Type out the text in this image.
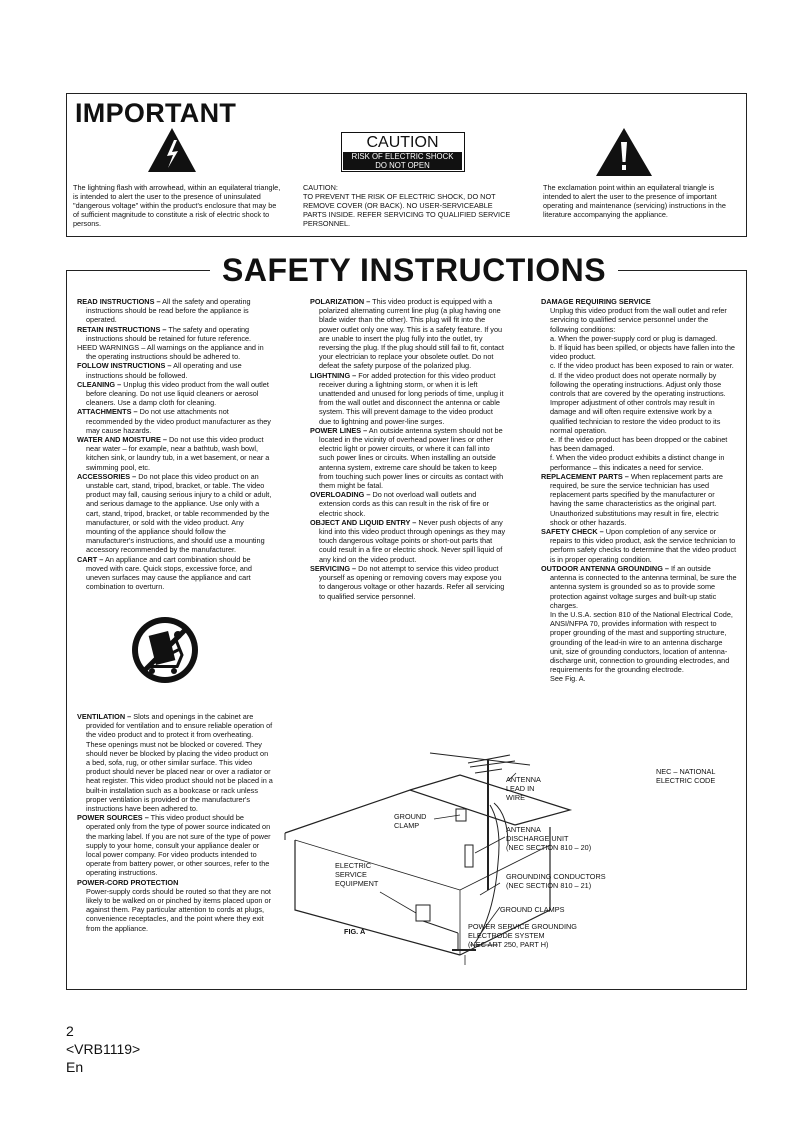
IMPORTANT
The lightning flash with arrowhead, within an equilateral triangle, is intended to alert the user to the presence of uninsulated "dangerous voltage" within the product's enclosure that may be of sufficient magnitude to constitute a risk of electric shock to persons.
CAUTION
RISK OF ELECTRIC SHOCK
DO NOT OPEN
CAUTION:
TO PREVENT THE RISK OF ELECTRIC SHOCK, DO NOT REMOVE COVER (OR BACK). NO USER-SERVICEABLE PARTS INSIDE. REFER SERVICING TO QUALIFIED SERVICE PERSONNEL.
The exclamation point within an equilateral triangle is intended to alert the user to the presence of important operating and maintenance (servicing) instructions in the literature accompanying the appliance.
SAFETY INSTRUCTIONS

READ INSTRUCTIONS – All the safety and operating instructions should be read before the appliance is operated.

RETAIN INSTRUCTIONS – The safety and operating instructions should be retained for future reference.

HEED WARNINGS – All warnings on the appliance and in the operating instructions should be adhered to.

FOLLOW INSTRUCTIONS – All operating and use instructions should be followed.

CLEANING – Unplug this video product from the wall outlet before cleaning. Do not use liquid cleaners or aerosol cleaners. Use a damp cloth for cleaning.

ATTACHMENTS – Do not use attachments not recommended by the video product manufacturer as they may cause hazards.

WATER AND MOISTURE – Do not use this video product near water – for example, near a bathtub, wash bowl, kitchen sink, or laundry tub, in a wet basement, or near a swimming pool, etc.

ACCESSORIES – Do not place this video product on an unstable cart, stand, tripod, bracket, or table. The video product may fall, causing serious injury to a child or adult, and serious damage to the appliance. Use only with a cart, stand, tripod, bracket, or table recommended by the manufacturer, or sold with the video product. Any mounting of the appliance should follow the manufacturer's instructions, and should use a mounting accessory recommended by the manufacturer.

CART – An appliance and cart combination should be moved with care. Quick stops, excessive force, and uneven surfaces may cause the appliance and cart combination to overturn.

VENTILATION – Slots and openings in the cabinet are provided for ventilation and to ensure reliable operation of the video product and to protect it from overheating. These openings must not be blocked or covered. They should never be blocked by placing the video product on a bed, sofa, rug, or other similar surface. This video product should never be placed near or over a radiator or heat register. This video product should not be placed in a built-in installation such as a bookcase or rack unless proper ventilation is provided or the manufacturer's instructions have been adhered to.

POWER SOURCES – This video product should be operated only from the type of power source indicated on the marking label. If you are not sure of the type of power supply to your home, consult your appliance dealer or local power company. For video products intended to operate from battery power, or other sources, refer to the operating instructions.

POWER-CORD PROTECTION

Power-supply cords should be routed so that they are not likely to be walked on or pinched by items placed upon or against them. Pay particular attention to cords at plugs, convenience receptacles, and the point where they exit from the appliance.

POLARIZATION – This video product is equipped with a polarized alternating current line plug (a plug having one blade wider than the other). This plug will fit into the power outlet only one way. This is a safety feature. If you are unable to insert the plug fully into the outlet, try reversing the plug. If the plug should still fail to fit, contact your electrician to replace your obsolete outlet. Do not defeat the safety purpose of the polarized plug.

LIGHTNING – For added protection for this video product receiver during a lightning storm, or when it is left unattended and unused for long periods of time, unplug it from the wall outlet and disconnect the antenna or cable system. This will prevent damage to the video product due to lightning and power-line surges.

POWER LINES – An outside antenna system should not be located in the vicinity of overhead power lines or other electric light or power circuits, or where it can fall into such power lines or circuits. When installing an outside antenna system, extreme care should be taken to keep from touching such power lines or circuits as contact with them might be fatal.

OVERLOADING – Do not overload wall outlets and extension cords as this can result in the risk of fire or electric shock.

OBJECT AND LIQUID ENTRY – Never push objects of any kind into this video product through openings as they may touch dangerous voltage points or short-out parts that could result in a fire or electric shock. Never spill liquid of any kind on the video product.

SERVICING – Do not attempt to service this video product yourself as opening or removing covers may expose you to dangerous voltage or other hazards. Refer all servicing to qualified service personnel.

DAMAGE REQUIRING SERVICE

Unplug this video product from the wall outlet and refer servicing to qualified service personnel under the following conditions:

a. When the power-supply cord or plug is damaged.

b. If liquid has been spilled, or objects have fallen into the video product.

c. If the video product has been exposed to rain or water.

d. If the video product does not operate normally by following the operating instructions. Adjust only those controls that are covered by the operating instructions. Improper adjustment of other controls may result in damage and will often require extensive work by a qualified technician to restore the video product to its normal operation.

e. If the video product has been dropped or the cabinet has been damaged.

f. When the video product exhibits a distinct change in performance – this indicates a need for service.

REPLACEMENT PARTS – When replacement parts are required, be sure the service technician has used replacement parts specified by the manufacturer or having the same characteristics as the original part. Unauthorized substitutions may result in fire, electric shock or other hazards.

SAFETY CHECK – Upon completion of any service or repairs to this video product, ask the service technician to perform safety checks to determine that the video product is in proper operating condition.

OUTDOOR ANTENNA GROUNDING – If an outside antenna is connected to the antenna terminal, be sure the antenna system is grounded so as to provide some protection against voltage surges and built-up static charges.

In the U.S.A. section 810 of the National Electrical Code, ANSI/NFPA 70, provides information with respect to proper grounding of the mast and supporting structure, grounding of the lead-in wire to an antenna discharge unit, size of grounding conductors, location of antenna-discharge unit, connection to grounding electrodes, and requirements for the grounding electrode.

See Fig. A.

NEC – NATIONAL ELECTRIC CODE
ANTENNA
LEAD IN
WIRE
GROUND
CLAMP	ANTENNA
DISCHARGE UNIT
(NEC SECTION 810 – 20)
ELECTRIC
SERVICE
EQUIPMENT
GROUNDING CONDUCTORS
(NEC SECTION 810 – 21)
GROUND CLAMPS
POWER SERVICE GROUNDING
ELECTRODE SYSTEM
(NEC ART 250, PART H)
FIG. A
2
<VRB1119>
En
